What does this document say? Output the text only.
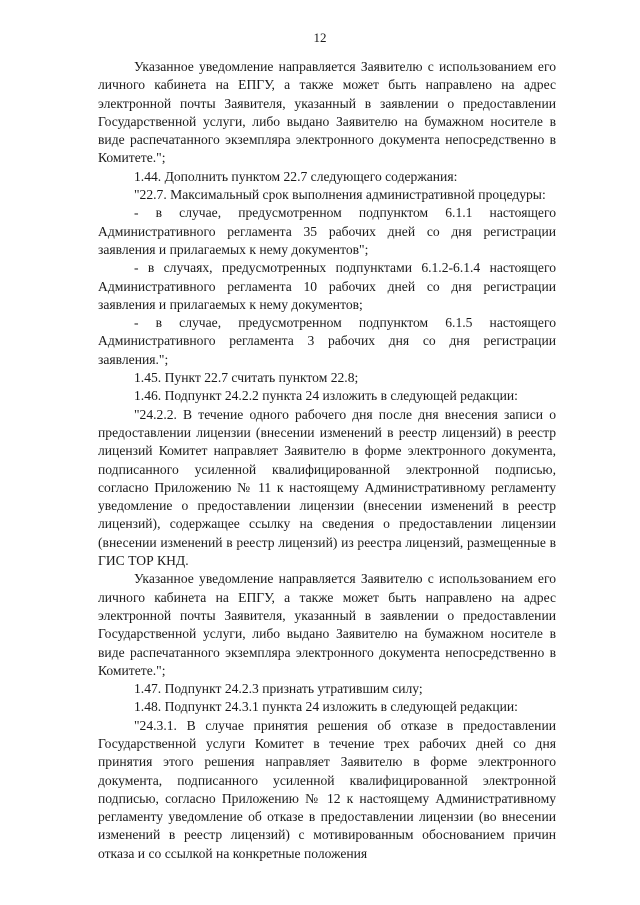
12

Указанное уведомление направляется Заявителю с использованием его личного кабинета на ЕПГУ, а также может быть направлено на адрес электронной почты Заявителя, указанный в заявлении о предоставлении Государственной услуги, либо выдано Заявителю на бумажном носителе в виде распечатанного экземпляра электронного документа непосредственно в Комитете.";

1.44. Дополнить пунктом 22.7 следующего содержания:

"22.7. Максимальный срок выполнения административной процедуры:

- в случае, предусмотренном подпунктом 6.1.1 настоящего Административного регламента 35 рабочих дней со дня регистрации заявления и прилагаемых к нему документов";

- в случаях, предусмотренных подпунктами 6.1.2-6.1.4 настоящего Административного регламента 10 рабочих дней со дня регистрации заявления и прилагаемых к нему документов;

- в случае, предусмотренном подпунктом 6.1.5 настоящего Административного регламента 3 рабочих дня со дня регистрации заявления.";

1.45. Пункт 22.7 считать пунктом 22.8;

1.46. Подпункт 24.2.2 пункта 24 изложить в следующей редакции:

"24.2.2. В течение одного рабочего дня после дня внесения записи о предоставлении лицензии (внесении изменений в реестр лицензий) в реестр лицензий Комитет направляет Заявителю в форме электронного документа, подписанного усиленной квалифицированной электронной подписью, согласно Приложению № 11 к настоящему Административному регламенту уведомление о предоставлении лицензии (внесении изменений в реестр лицензий), содержащее ссылку на сведения о предоставлении лицензии (внесении изменений в реестр лицензий) из реестра лицензий, размещенные в ГИС ТОР КНД.

Указанное уведомление направляется Заявителю с использованием его личного кабинета на ЕПГУ, а также может быть направлено на адрес электронной почты Заявителя, указанный в заявлении о предоставлении Государственной услуги, либо выдано Заявителю на бумажном носителе в виде распечатанного экземпляра электронного документа непосредственно в Комитете.";

1.47. Подпункт 24.2.3 признать утратившим силу;

1.48. Подпункт 24.3.1 пункта 24 изложить в следующей редакции:

"24.3.1. В случае принятия решения об отказе в предоставлении Государственной услуги Комитет в течение трех рабочих дней со дня принятия этого решения направляет Заявителю в форме электронного документа, подписанного усиленной квалифицированной электронной подписью, согласно Приложению № 12 к настоящему Административному регламенту уведомление об отказе в предоставлении лицензии (во внесении изменений в реестр лицензий) с мотивированным обоснованием причин отказа и со ссылкой на конкретные положения
